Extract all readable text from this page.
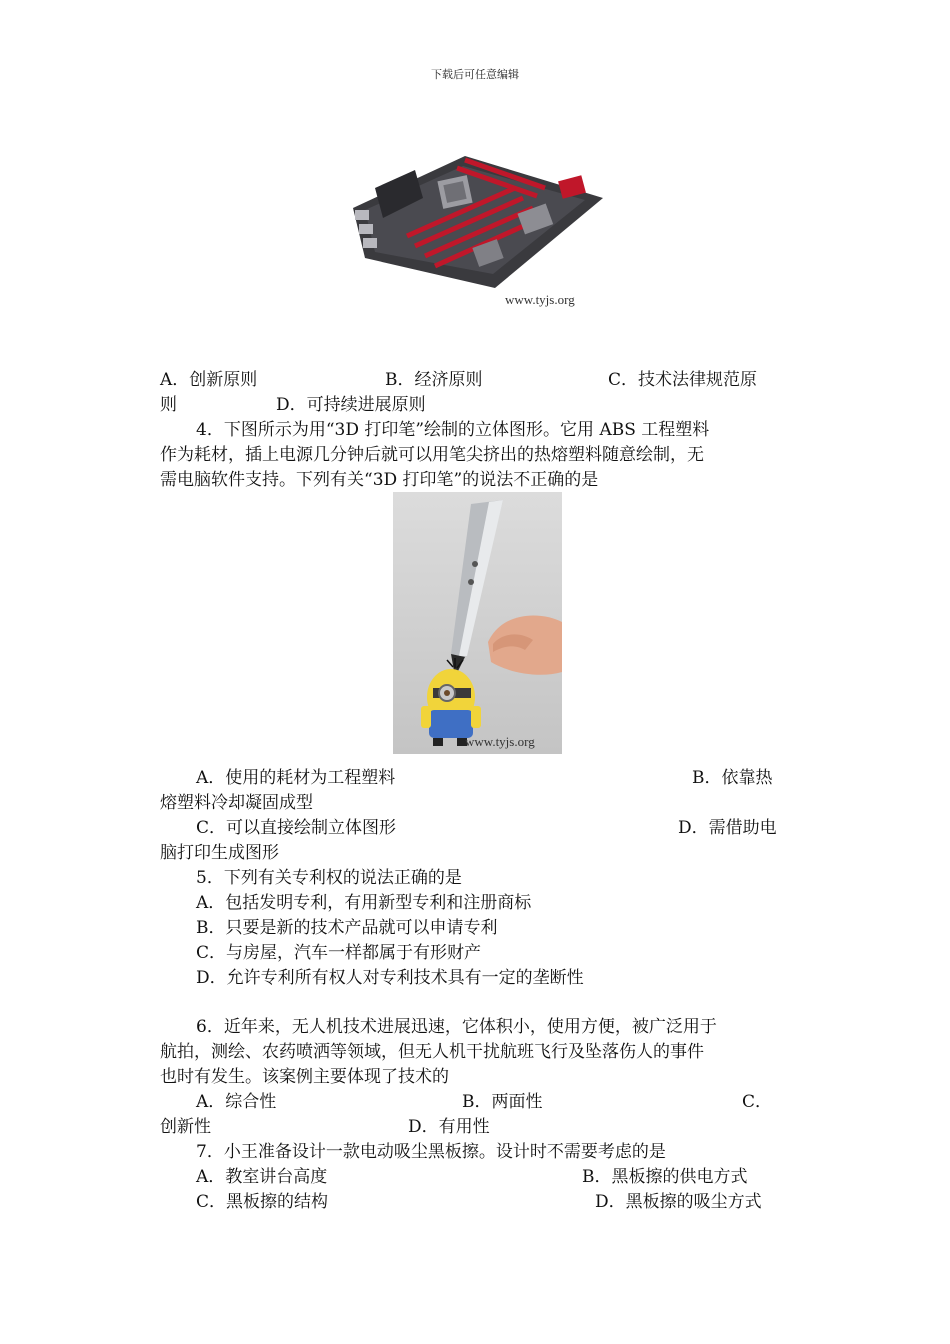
下载后可任意编辑
www.tyjs.org
A．创新原则	B．经济原则	C．技术法律规范原
则	D．可持续进展原则
4．下图所示为用“3D 打印笔”绘制的立体图形。它用 ABS 工程塑料
作为耗材，插上电源几分钟后就可以用笔尖挤出的热熔塑料随意绘制，无
需电脑软件支持。下列有关“3D 打印笔”的说法不正确的是
www.tyjs.org
A．使用的耗材为工程塑料	B．依靠热
熔塑料冷却凝固成型
C．可以直接绘制立体图形	D．需借助电
脑打印生成图形
5．下列有关专利权的说法正确的是
A．包括发明专利，有用新型专利和注册商标
B．只要是新的技术产品就可以申请专利
C．与房屋，汽车一样都属于有形财产
D．允许专利所有权人对专利技术具有一定的垄断性
6．近年来，无人机技术进展迅速，它体积小，使用方便，被广泛用于
航拍，测绘、农药喷洒等领域，但无人机干扰航班飞行及坠落伤人的事件
也时有发生。该案例主要体现了技术的
A．综合性	B．两面性	C．
创新性	D．有用性
7．小王准备设计一款电动吸尘黑板擦。设计时不需要考虑的是
A．教室讲台高度	B．黑板擦的供电方式
C．黑板擦的结构	D．黑板擦的吸尘方式
